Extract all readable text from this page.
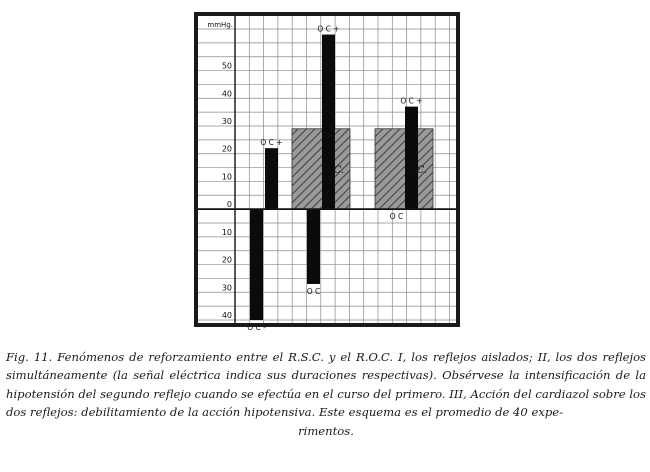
50
40
30
20
10
0
10
20
30
40
mmHg.
O C -
O C +
S.C.
O C
O C +
S.C.
O C
O C +
Fig. 11. Fenómenos de reforzamiento entre el R.S.C. y el R.O.C. I, los reflejos aislados; II, los dos reflejos simultáneamente (la señal eléctrica indica sus duraciones respectivas). Obsérvese la intensificación de la hipotensión del segundo reflejo cuando se efectúa en el curso del primero. III, Acción del cardiazol sobre los dos reflejos: debilitamiento de la acción hipotensiva. Este esquema es el promedio de 40 expe-
rimentos.
